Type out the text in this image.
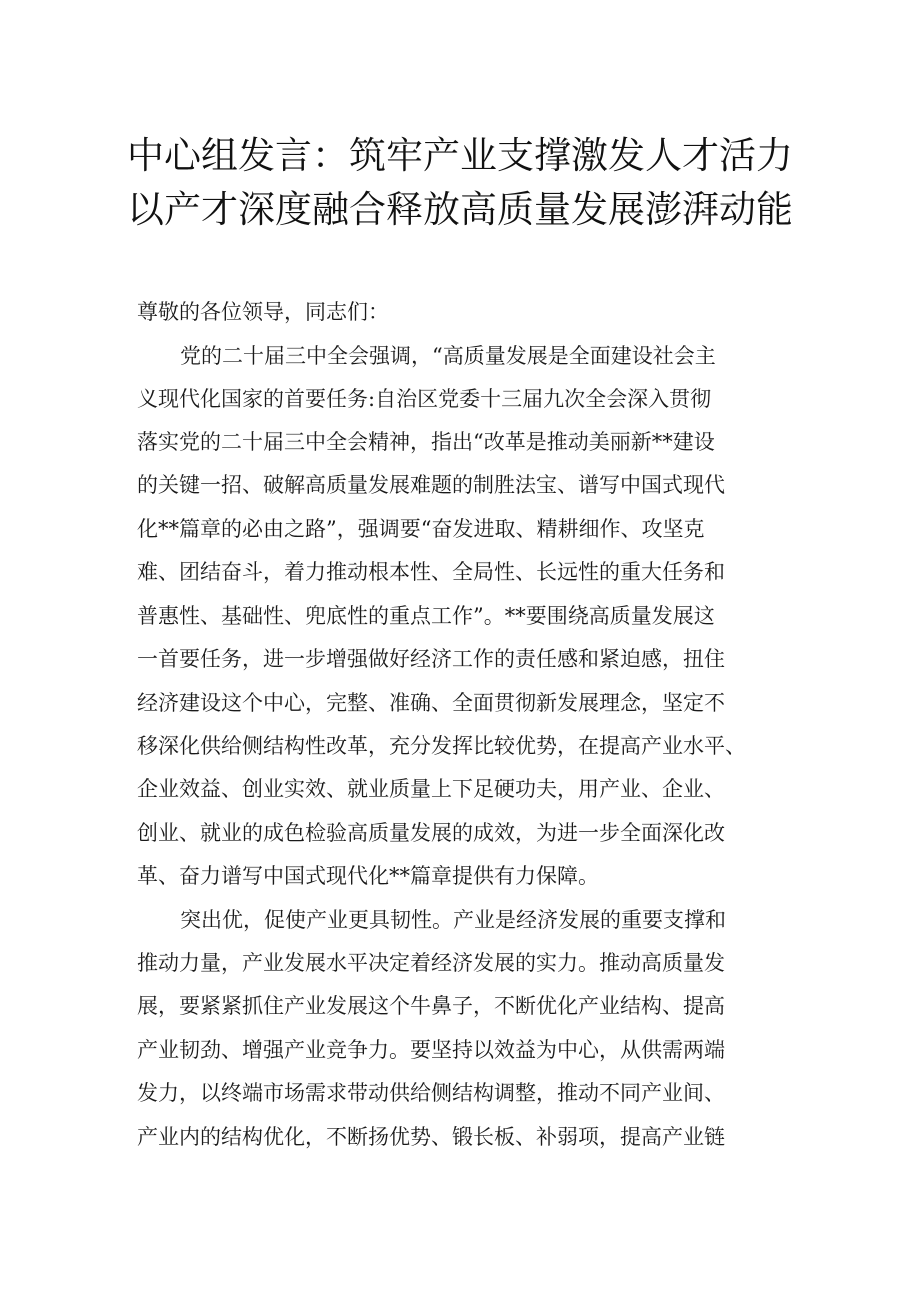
中心组发言：筑牢产业支撑激发人才活力
以产才深度融合释放高质量发展澎湃动能

尊敬的各位领导，同志们：

党的二十届三中全会强调，“高质量发展是全面建设社会主

义现代化国家的首要任务:自治区党委十三届九次全会深入贯彻

落实党的二十届三中全会精神，指出“改革是推动美丽新**建设

的关键一招、破解高质量发展难题的制胜法宝、谱写中国式现代

化**篇章的必由之路”，强调要“奋发进取、精耕细作、攻坚克

难、团结奋斗，着力推动根本性、全局性、长远性的重大任务和

普惠性、基础性、兜底性的重点工作”。**要围绕高质量发展这

一首要任务，进一步增强做好经济工作的责任感和紧迫感，扭住

经济建设这个中心，完整、准确、全面贯彻新发展理念，坚定不

移深化供给侧结构性改革，充分发挥比较优势，在提高产业水平、

企业效益、创业实效、就业质量上下足硬功夫，用产业、企业、

创业、就业的成色检验高质量发展的成效，为进一步全面深化改

革、奋力谱写中国式现代化**篇章提供有力保障。

突出优，促使产业更具韧性。产业是经济发展的重要支撑和

推动力量，产业发展水平决定着经济发展的实力。推动高质量发

展，要紧紧抓住产业发展这个牛鼻子，不断优化产业结构、提高

产业韧劲、增强产业竞争力。要坚持以效益为中心，从供需两端

发力，以终端市场需求带动供给侧结构调整，推动不同产业间、

产业内的结构优化，不断扬优势、锻长板、补弱项，提高产业链
